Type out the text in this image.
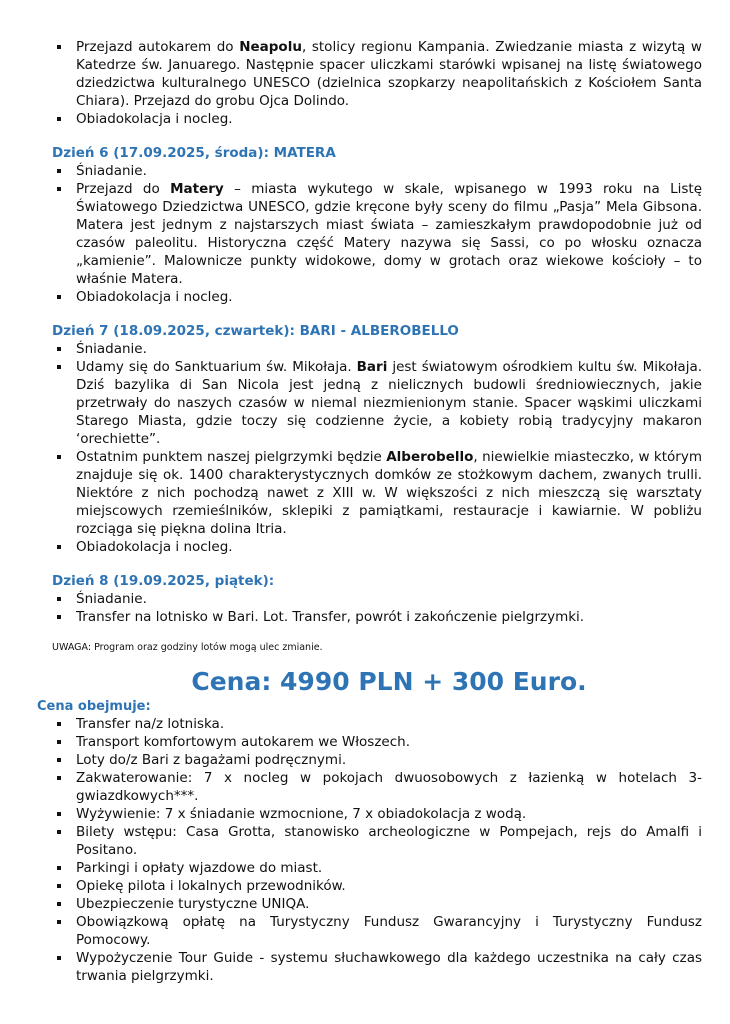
Przejazd autokarem do Neapolu, stolicy regionu Kampania. Zwiedzanie miasta z wizytą w Katedrze św. Januarego. Następnie spacer uliczkami starówki wpisanej na listę światowego dziedzictwa kulturalnego UNESCO (dzielnica szopkarzy neapolitańskich z Kościołem Santa Chiara). Przejazd do grobu Ojca Dolindo.
Obiadokolacja i nocleg.
Dzień 6 (17.09.2025, środa): MATERA
Śniadanie.
Przejazd do Matery – miasta wykutego w skale, wpisanego w 1993 roku na Listę Światowego Dziedzictwa UNESCO, gdzie kręcone były sceny do filmu „Pasja” Mela Gibsona. Matera jest jednym z najstarszych miast świata – zamieszkałym prawdopodobnie już od czasów paleolitu. Historyczna część Matery nazywa się Sassi, co po włosku oznacza „kamienie”. Malownicze punkty widokowe, domy w grotach oraz wiekowe kościoły – to właśnie Matera.
Obiadokolacja i nocleg.
Dzień 7 (18.09.2025, czwartek): BARI - ALBEROBELLO
Śniadanie.
Udamy się do Sanktuarium św. Mikołaja. Bari jest światowym ośrodkiem kultu św. Mikołaja. Dziś bazylika di San Nicola jest jedną z nielicznych budowli średniowiecznych, jakie przetrwały do naszych czasów w niemal niezmienionym stanie. Spacer wąskimi uliczkami Starego Miasta, gdzie toczy się codzienne życie, a kobiety robią tradycyjny makaron ‘orechiette”.
Ostatnim punktem naszej pielgrzymki będzie Alberobello, niewielkie miasteczko, w którym znajduje się ok. 1400 charakterystycznych domków ze stożkowym dachem, zwanych trulli. Niektóre z nich pochodzą nawet z XIII w. W większości z nich mieszczą się warsztaty miejscowych rzemieślników, sklepiki z pamiątkami, restauracje i kawiarnie. W pobliżu rozciąga się piękna dolina Itria.
Obiadokolacja i nocleg.
Dzień 8 (19.09.2025, piątek):
Śniadanie.
Transfer na lotnisko w Bari. Lot. Transfer, powrót i zakończenie pielgrzymki.
UWAGA: Program oraz godziny lotów mogą ulec zmianie.
Cena: 4990 PLN + 300 Euro.
Cena obejmuje:
Transfer na/z lotniska.
Transport komfortowym autokarem we Włoszech.
Loty do/z Bari z bagażami podręcznymi.
Zakwaterowanie: 7 x nocleg w pokojach dwuosobowych z łazienką w hotelach 3-gwiazdkowych***.
Wyżywienie: 7 x śniadanie wzmocnione, 7 x obiadokolacja z wodą.
Bilety wstępu: Casa Grotta, stanowisko archeologiczne w Pompejach, rejs do Amalfi i Positano.
Parkingi i opłaty wjazdowe do miast.
Opiekę pilota i lokalnych przewodników.
Ubezpieczenie turystyczne UNIQA.
Obowiązkową opłatę na Turystyczny Fundusz Gwarancyjny i Turystyczny Fundusz Pomocowy.
Wypożyczenie Tour Guide - systemu słuchawkowego dla każdego uczestnika na cały czas trwania pielgrzymki.
